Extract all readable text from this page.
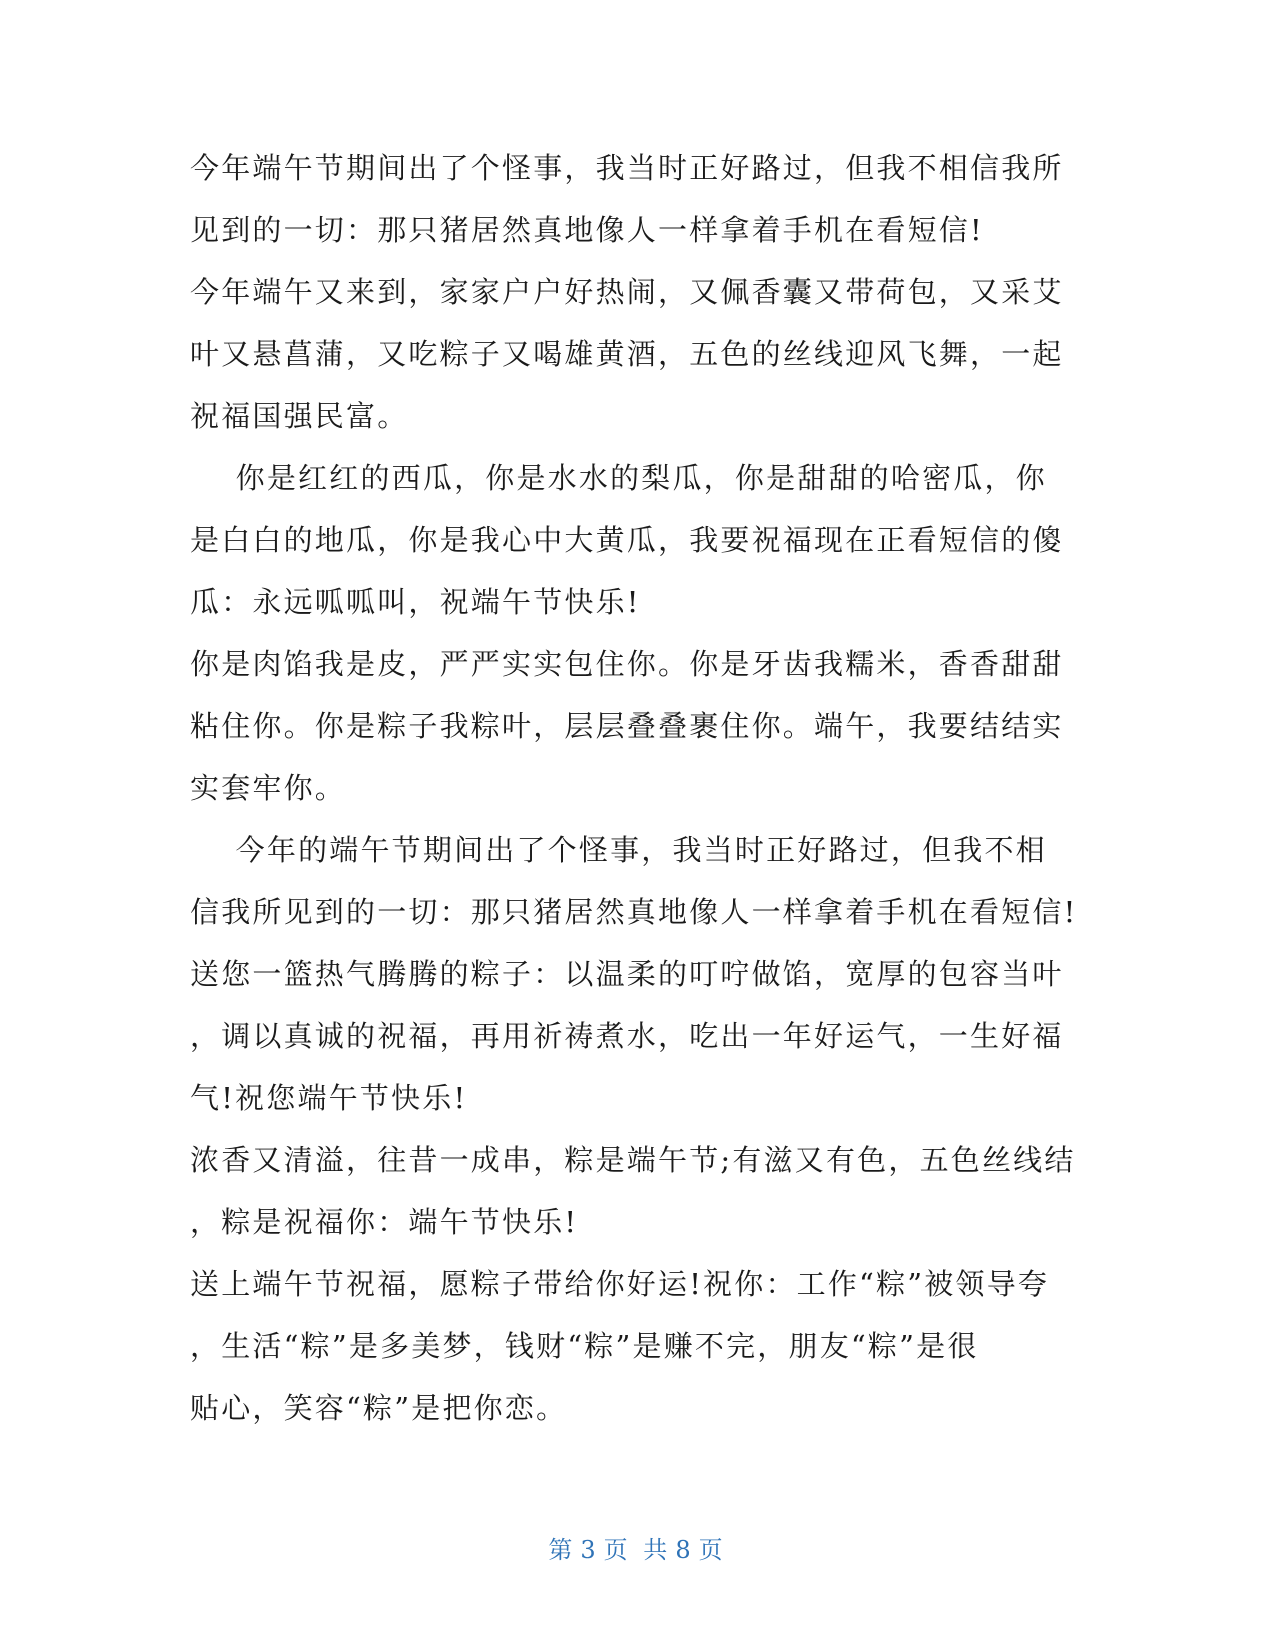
今年端午节期间出了个怪事，我当时正好路过，但我不相信我所
见到的一切：那只猪居然真地像人一样拿着手机在看短信!
今年端午又来到，家家户户好热闹，又佩香囊又带荷包，又采艾
叶又悬菖蒲，又吃粽子又喝雄黄酒，五色的丝线迎风飞舞，一起
祝福国强民富。
你是红红的西瓜，你是水水的梨瓜，你是甜甜的哈密瓜，你
是白白的地瓜，你是我心中大黄瓜，我要祝福现在正看短信的傻
瓜：永远呱呱叫，祝端午节快乐!
你是肉馅我是皮，严严实实包住你。你是牙齿我糯米，香香甜甜
粘住你。你是粽子我粽叶，层层叠叠裹住你。端午，我要结结实
实套牢你。
今年的端午节期间出了个怪事，我当时正好路过，但我不相
信我所见到的一切：那只猪居然真地像人一样拿着手机在看短信!
送您一篮热气腾腾的粽子：以温柔的叮咛做馅，宽厚的包容当叶
，调以真诚的祝福，再用祈祷煮水，吃出一年好运气，一生好福
气!祝您端午节快乐!
浓香又清溢，往昔一成串，粽是端午节;有滋又有色，五色丝线结
，粽是祝福你：端午节快乐!
送上端午节祝福，愿粽子带给你好运!祝你：工作“粽”被领导夸
，生活“粽”是多美梦，钱财“粽”是赚不完，朋友“粽”是很
贴心，笑容“粽”是把你恋。
第 3 页 共 8 页
